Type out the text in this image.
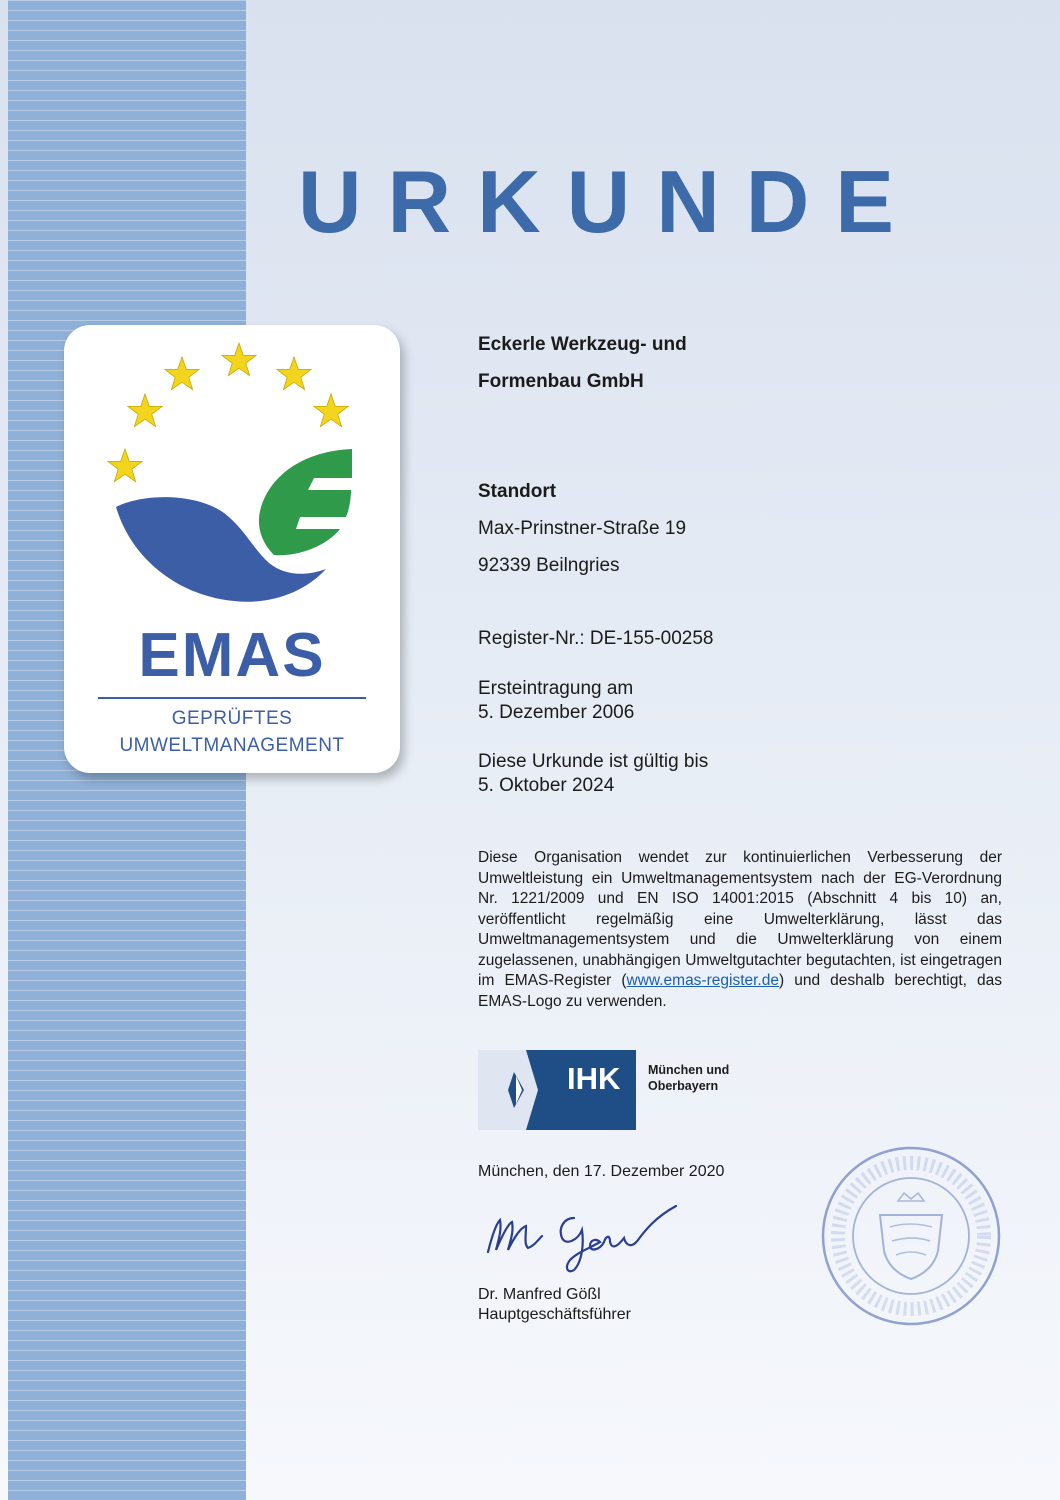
URKUNDE
EMAS
GEPRÜFTES
UMWELTMANAGEMENT
Eckerle Werkzeug- und
Formenbau GmbH
Standort
Max-Prinstner-Straße 19
92339 Beilngries
Register-Nr.: DE-155-00258
Ersteintragung am
5. Dezember 2006
Diese Urkunde ist gültig bis
5. Oktober 2024
Diese Organisation wendet zur kontinuierlichen Verbesserung der Umweltleistung ein Umweltmanagementsystem nach der EG-Verordnung Nr. 1221/2009 und EN ISO 14001:2015 (Abschnitt 4 bis 10) an, veröffentlicht regelmäßig eine Umwelterklärung, lässt das Umweltmanagementsystem und die Umwelterklärung von einem zugelassenen, unabhängigen Umweltgutachter begutachten, ist eingetragen im EMAS-Register (www.emas-register.de) und deshalb berechtigt, das EMAS-Logo zu verwenden.
IHK München und
Oberbayern
München, den 17. Dezember 2020
Dr. Manfred Gößl
Hauptgeschäftsführer
